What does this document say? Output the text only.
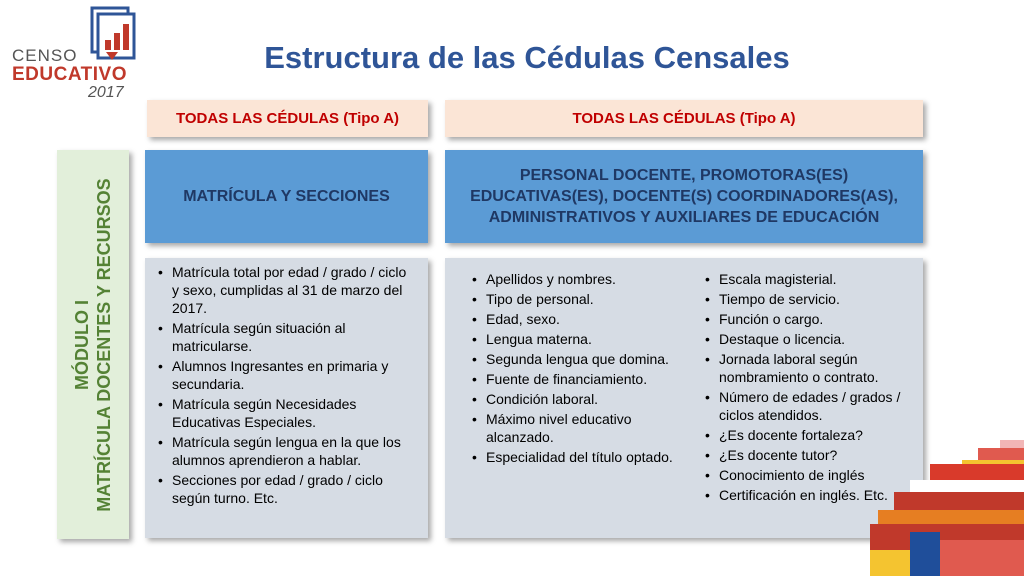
CENSO
EDUCATIVO
2017
Estructura de las Cédulas Censales
TODAS LAS CÉDULAS (Tipo A)	TODAS LAS CÉDULAS (Tipo A)
MÓDULO I MATRÍCULA DOCENTES Y RECURSOS	MATRÍCULA Y SECCIONES
PERSONAL DOCENTE, PROMOTORAS(ES) EDUCATIVAS(ES), DOCENTE(S) COORDINADORES(AS), ADMINISTRATIVOS Y AUXILIARES DE EDUCACIÓN
• Matrícula total por edad / grado / ciclo y sexo, cumplidas al 31 de marzo del 2017.
• Matrícula según situación al matricularse.
• Alumnos Ingresantes en primaria y secundaria.
• Matrícula según Necesidades Educativas Especiales.
• Matrícula según lengua en la que los alumnos aprendieron a hablar.
• Secciones por edad / grado / ciclo según turno. Etc.
• Apellidos y nombres.
• Tipo de personal.
• Edad, sexo.
• Lengua materna.
• Segunda lengua que domina.
• Fuente de financiamiento.
• Condición laboral.
• Máximo nivel educativo alcanzado.
• Especialidad del título optado.
• Escala magisterial.
• Tiempo de servicio.
• Función o cargo.
• Destaque o licencia.
• Jornada laboral según nombramiento o contrato.
• Número de edades / grados / ciclos atendidos.
• ¿Es docente fortaleza?
• ¿Es docente tutor?
• Conocimiento de inglés
• Certificación en inglés. Etc.
